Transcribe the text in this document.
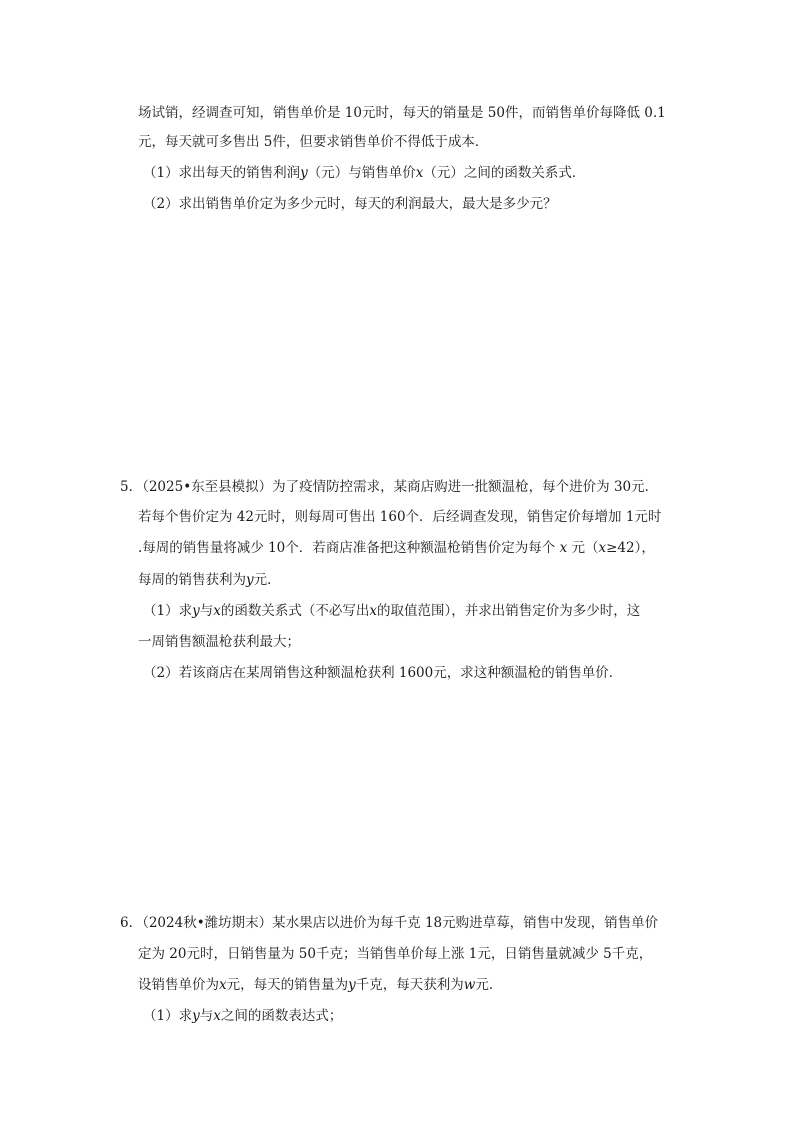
场试销，经调查可知，销售单价是 10元时，每天的销量是 50件，而销售单价每降低 0.1
元，每天就可多售出 5件，但要求销售单价不得低于成本．
（1）求出每天的销售利润y（元）与销售单价x（元）之间的函数关系式．
（2）求出销售单价定为多少元时，每天的利润最大，最大是多少元？
5．（2025•东至县模拟）为了疫情防控需求，某商店购进一批额温枪，每个进价为 30元．
若每个售价定为 42元时，则每周可售出 160个．后经调查发现，销售定价每增加 1元时
.每周的销售量将减少 10个．若商店准备把这种额温枪销售价定为每个 x 元（x≥42），
每周的销售获利为y元．
（1）求y与x的函数关系式（不必写出x的取值范围），并求出销售定价为多少时，这
一周销售额温枪获利最大；
（2）若该商店在某周销售这种额温枪获利 1600元，求这种额温枪的销售单价．
6．（2024秋•潍坊期末）某水果店以进价为每千克 18元购进草莓，销售中发现，销售单价
定为 20元时，日销售量为 50千克；当销售单价每上涨 1元，日销售量就减少 5千克，
设销售单价为x元，每天的销售量为y千克，每天获利为w元．
（1）求y与x之间的函数表达式；
